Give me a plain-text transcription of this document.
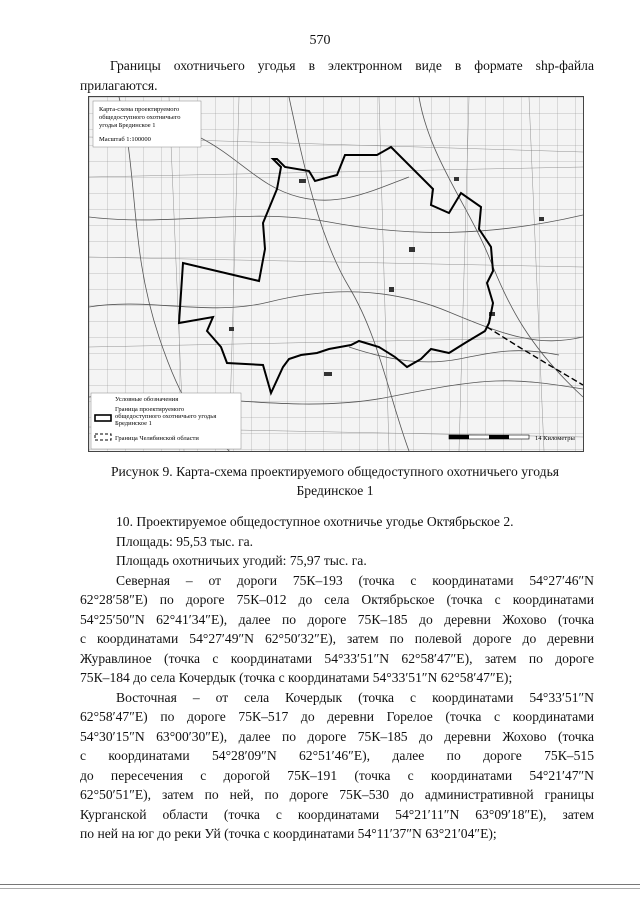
570
Границы охотничьего угодья в электронном виде в формате shp-файла
прилагаются.
Карта-схема проектируемого
общедоступного охотничьего
угодья Брединское 1
Масштаб 1:100000
Условные обозначения
Граница проектируемого
общедоступного охотничьего угодья
Брединское 1
Граница Челябинской области	14 Километры
Рисунок 9. Карта-схема проектируемого общедоступного охотничьего угодья
Брединское 1
10. Проектируемое общедоступное охотничье угодье Октябрьское 2.
Площадь: 95,53 тыс. га.
Площадь охотничьих угодий: 75,97 тыс. га.
Северная – от дороги 75К–193 (точка с координатами 54°27′46″N
62°28′58″E) по дороге 75К–012 до села Октябрьское (точка с координатами
54°25′50″N 62°41′34″E), далее по дороге 75К–185 до деревни Жохово (точка
с координатами 54°27′49″N 62°50′32″E), затем по полевой дороге до деревни
Журавлиное (точка с координатами 54°33′51″N 62°58′47″E), затем по дороге
75К–184 до села Кочердык (точка с координатами 54°33′51″N 62°58′47″E);
Восточная – от села Кочердык (точка с координатами 54°33′51″N
62°58′47″E) по дороге 75К–517 до деревни Горелое (точка с координатами
54°30′15″N 63°00′30″E), далее по дороге 75К–185 до деревни Жохово (точка
с координатами 54°28′09″N 62°51′46″E), далее по дороге 75К–515
до пересечения с дорогой 75К–191 (точка с координатами 54°21′47″N
62°50′51″E), затем по ней, по дороге 75К–530 до административной границы
Курганской области (точка с координатами 54°21′11″N 63°09′18″E), затем
по ней на юг до реки Уй (точка с координатами 54°11′37″N 63°21′04″E);
